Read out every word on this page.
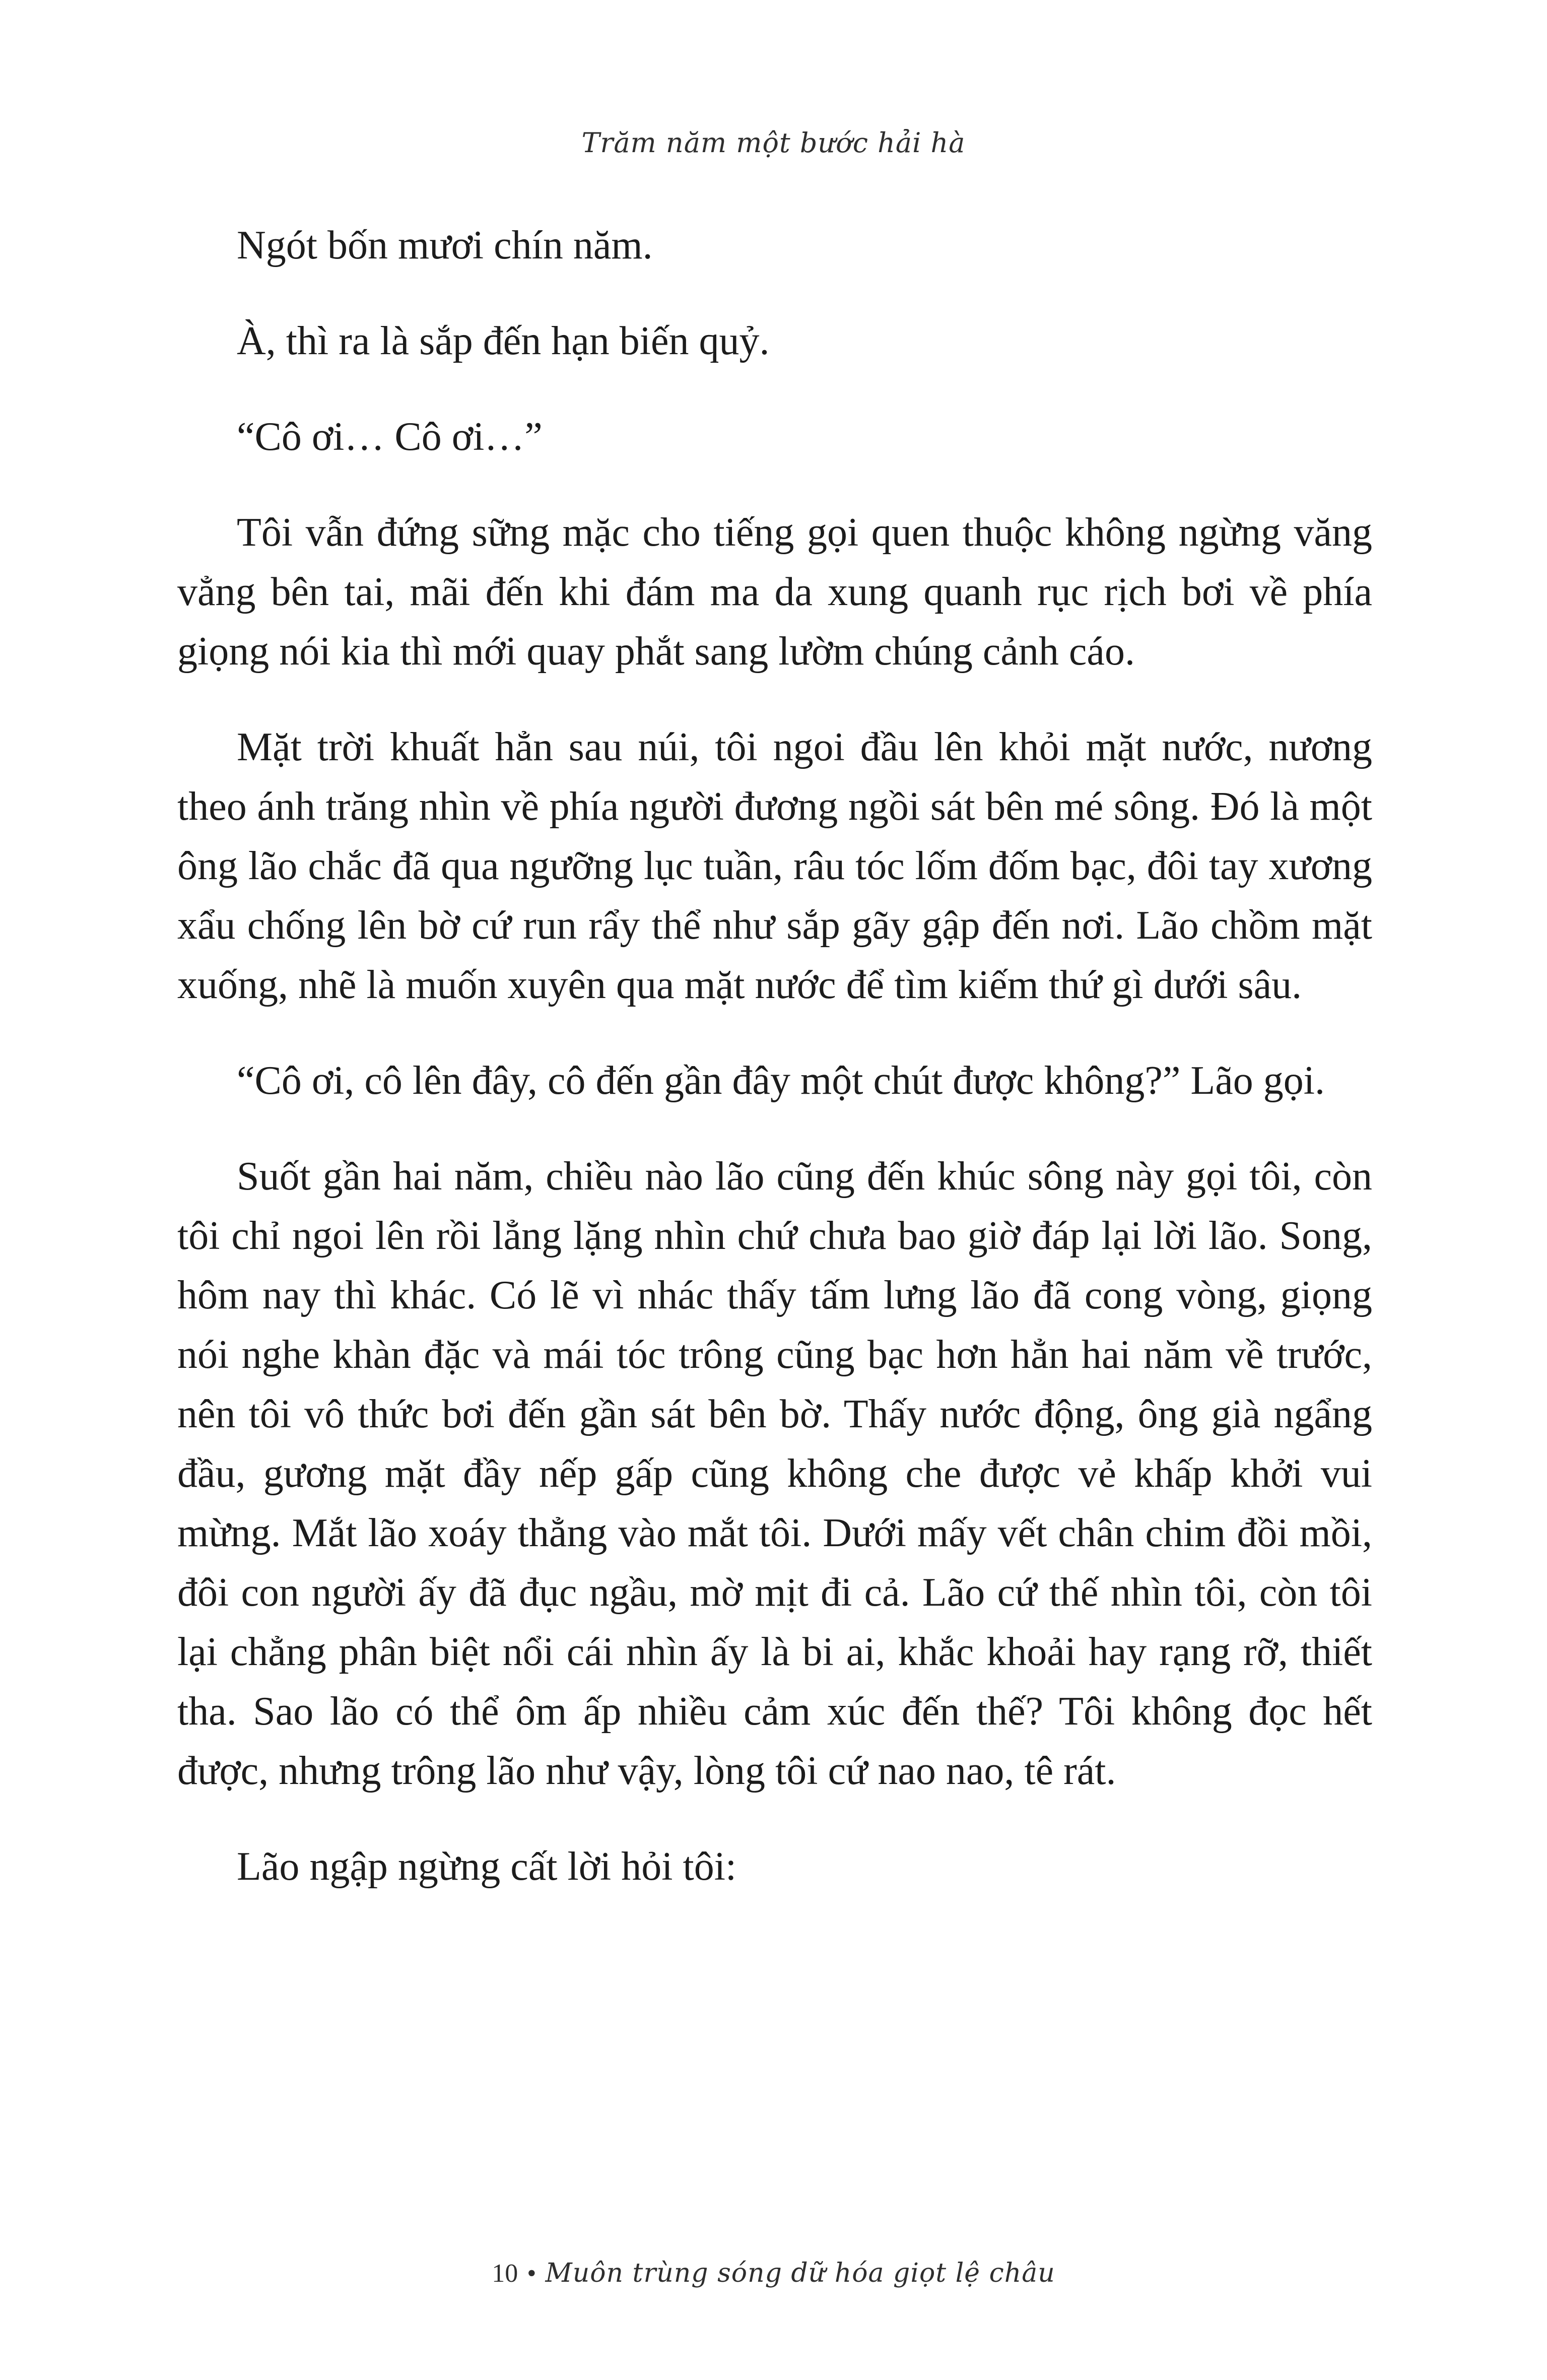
Trăm năm một bước hải hà

Ngót bốn mươi chín năm.

À, thì ra là sắp đến hạn biến quỷ.

“Cô ơi… Cô ơi…”

Tôi vẫn đứng sững mặc cho tiếng gọi quen thuộc không ngừng văng vẳng bên tai, mãi đến khi đám ma da xung quanh rục rịch bơi về phía giọng nói kia thì mới quay phắt sang lườm chúng cảnh cáo.

Mặt trời khuất hẳn sau núi, tôi ngoi đầu lên khỏi mặt nước, nương theo ánh trăng nhìn về phía người đương ngồi sát bên mé sông. Đó là một ông lão chắc đã qua ngưỡng lục tuần, râu tóc lốm đốm bạc, đôi tay xương xẩu chống lên bờ cứ run rẩy thể như sắp gãy gập đến nơi. Lão chồm mặt xuống, nhẽ là muốn xuyên qua mặt nước để tìm kiếm thứ gì dưới sâu.

“Cô ơi, cô lên đây, cô đến gần đây một chút được không?” Lão gọi.

Suốt gần hai năm, chiều nào lão cũng đến khúc sông này gọi tôi, còn tôi chỉ ngoi lên rồi lẳng lặng nhìn chứ chưa bao giờ đáp lại lời lão. Song, hôm nay thì khác. Có lẽ vì nhác thấy tấm lưng lão đã cong vòng, giọng nói nghe khàn đặc và mái tóc trông cũng bạc hơn hẳn hai năm về trước, nên tôi vô thức bơi đến gần sát bên bờ. Thấy nước động, ông già ngẩng đầu, gương mặt đầy nếp gấp cũng không che được vẻ khấp khởi vui mừng. Mắt lão xoáy thẳng vào mắt tôi. Dưới mấy vết chân chim đồi mồi, đôi con người ấy đã đục ngầu, mờ mịt đi cả. Lão cứ thế nhìn tôi, còn tôi lại chẳng phân biệt nổi cái nhìn ấy là bi ai, khắc khoải hay rạng rỡ, thiết tha. Sao lão có thể ôm ấp nhiều cảm xúc đến thế? Tôi không đọc hết được, nhưng trông lão như vậy, lòng tôi cứ nao nao, tê rát.

Lão ngập ngừng cất lời hỏi tôi:

10 • Muôn trùng sóng dữ hóa giọt lệ châu
